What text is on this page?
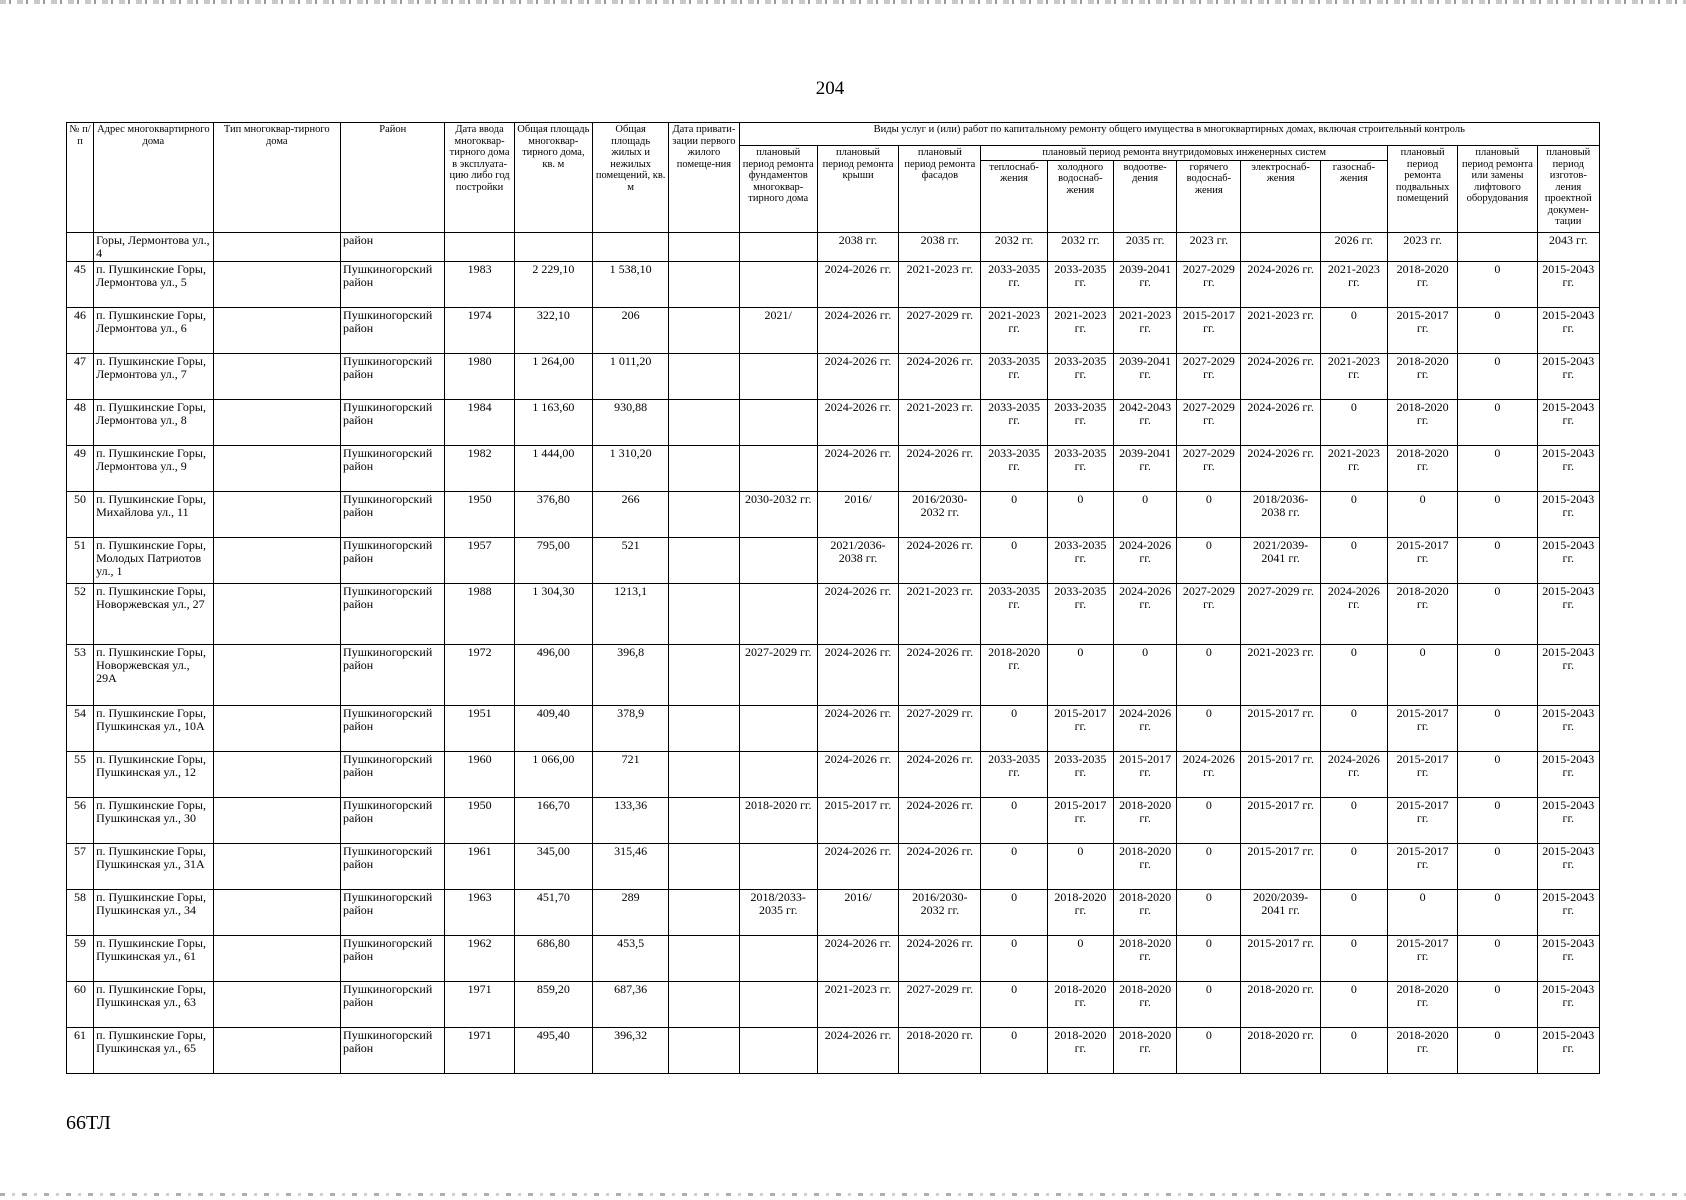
204
№ п/п	Адрес многоквартирного дома	Тип многоквар-тирного дома	Район	Дата ввода многоквар-тирного дома в эксплуата-цию либо год постройки	Общая площадь многоквар-тирного дома, кв. м	Общая площадь жилых и нежилых помещений, кв. м	Дата привати-зации первого жилого помеще-ния	Виды услуг и (или) работ по капитальному ремонту общего имущества в многоквартирных домах, включая строительный контроль											
								плановый период ремонта фундаментов многоквар-тирного дома	плановый период ремонта крыши	плановый период ремонта фасадов	плановый период ремонта внутридомовых инженерных систем						плановый период ремонта подвальных помещений	плановый период ремонта или замены лифтового оборудования	плановый период изготов-ления проектной докумен-тации
											теплоснаб-жения	холодного водоснаб-жения	водоотве-дения	горячего водоснаб-жения	электроснаб-жения	газоснаб-жения			
	Горы, Лермонтова ул., 4		район						2038 гг.	2038 гг.	2032 гг.	2032 гг.	2035 гг.	2023 гг.		2026 гг.	2023 гг.		2043 гг.
45	п. Пушкинские Горы, Лермонтова ул., 5		Пушкиногорский район	1983	2 229,10	1 538,10			2024-2026 гг.	2021-2023 гг.	2033-2035 гг.	2033-2035 гг.	2039-2041 гг.	2027-2029 гг.	2024-2026 гг.	2021-2023 гг.	2018-2020 гг.	0	2015-2043 гг.
46	п. Пушкинские Горы, Лермонтова ул., 6		Пушкиногорский район	1974	322,10	206		2021/	2024-2026 гг.	2027-2029 гг.	2021-2023 гг.	2021-2023 гг.	2021-2023 гг.	2015-2017 гг.	2021-2023 гг.	0	2015-2017 гг.	0	2015-2043 гг.
47	п. Пушкинские Горы, Лермонтова ул., 7		Пушкиногорский район	1980	1 264,00	1 011,20			2024-2026 гг.	2024-2026 гг.	2033-2035 гг.	2033-2035 гг.	2039-2041 гг.	2027-2029 гг.	2024-2026 гг.	2021-2023 гг.	2018-2020 гг.	0	2015-2043 гг.
48	п. Пушкинские Горы, Лермонтова ул., 8		Пушкиногорский район	1984	1 163,60	930,88			2024-2026 гг.	2021-2023 гг.	2033-2035 гг.	2033-2035 гг.	2042-2043 гг.	2027-2029 гг.	2024-2026 гг.	0	2018-2020 гг.	0	2015-2043 гг.
49	п. Пушкинские Горы, Лермонтова ул., 9		Пушкиногорский район	1982	1 444,00	1 310,20			2024-2026 гг.	2024-2026 гг.	2033-2035 гг.	2033-2035 гг.	2039-2041 гг.	2027-2029 гг.	2024-2026 гг.	2021-2023 гг.	2018-2020 гг.	0	2015-2043 гг.
50	п. Пушкинские Горы, Михайлова ул., 11		Пушкиногорский район	1950	376,80	266		2030-2032 гг.	2016/	2016/2030-2032 гг.	0	0	0	0	2018/2036-2038 гг.	0	0	0	2015-2043 гг.
51	п. Пушкинские Горы, Молодых Патриотов ул., 1		Пушкиногорский район	1957	795,00	521			2021/2036-2038 гг.	2024-2026 гг.	0	2033-2035 гг.	2024-2026 гг.	0	2021/2039-2041 гг.	0	2015-2017 гг.	0	2015-2043 гг.
52	п. Пушкинские Горы, Новоржевская ул., 27		Пушкиногорский район	1988	1 304,30	1213,1			2024-2026 гг.	2021-2023 гг.	2033-2035 гг.	2033-2035 гг.	2024-2026 гг.	2027-2029 гг.	2027-2029 гг.	2024-2026 гг.	2018-2020 гг.	0	2015-2043 гг.
53	п. Пушкинские Горы, Новоржевская ул., 29А		Пушкиногорский район	1972	496,00	396,8		2027-2029 гг.	2024-2026 гг.	2024-2026 гг.	2018-2020 гг.	0	0	0	2021-2023 гг.	0	0	0	2015-2043 гг.
54	п. Пушкинские Горы, Пушкинская ул., 10А		Пушкиногорский район	1951	409,40	378,9			2024-2026 гг.	2027-2029 гг.	0	2015-2017 гг.	2024-2026 гг.	0	2015-2017 гг.	0	2015-2017 гг.	0	2015-2043 гг.
55	п. Пушкинские Горы, Пушкинская ул., 12		Пушкиногорский район	1960	1 066,00	721			2024-2026 гг.	2024-2026 гг.	2033-2035 гг.	2033-2035 гг.	2015-2017 гг.	2024-2026 гг.	2015-2017 гг.	2024-2026 гг.	2015-2017 гг.	0	2015-2043 гг.
56	п. Пушкинские Горы, Пушкинская ул., 30		Пушкиногорский район	1950	166,70	133,36		2018-2020 гг.	2015-2017 гг.	2024-2026 гг.	0	2015-2017 гг.	2018-2020 гг.	0	2015-2017 гг.	0	2015-2017 гг.	0	2015-2043 гг.
57	п. Пушкинские Горы, Пушкинская ул., 31А		Пушкиногорский район	1961	345,00	315,46			2024-2026 гг.	2024-2026 гг.	0	0	2018-2020 гг.	0	2015-2017 гг.	0	2015-2017 гг.	0	2015-2043 гг.
58	п. Пушкинские Горы, Пушкинская ул., 34		Пушкиногорский район	1963	451,70	289		2018/2033-2035 гг.	2016/	2016/2030-2032 гг.	0	2018-2020 гг.	2018-2020 гг.	0	2020/2039-2041 гг.	0	0	0	2015-2043 гг.
59	п. Пушкинские Горы, Пушкинская ул., 61		Пушкиногорский район	1962	686,80	453,5			2024-2026 гг.	2024-2026 гг.	0	0	2018-2020 гг.	0	2015-2017 гг.	0	2015-2017 гг.	0	2015-2043 гг.
60	п. Пушкинские Горы, Пушкинская ул., 63		Пушкиногорский район	1971	859,20	687,36			2021-2023 гг.	2027-2029 гг.	0	2018-2020 гг.	2018-2020 гг.	0	2018-2020 гг.	0	2018-2020 гг.	0	2015-2043 гг.
61	п. Пушкинские Горы, Пушкинская ул., 65		Пушкиногорский район	1971	495,40	396,32			2024-2026 гг.	2018-2020 гг.	0	2018-2020 гг.	2018-2020 гг.	0	2018-2020 гг.	0	2018-2020 гг.	0	2015-2043 гг.
66ТЛ
